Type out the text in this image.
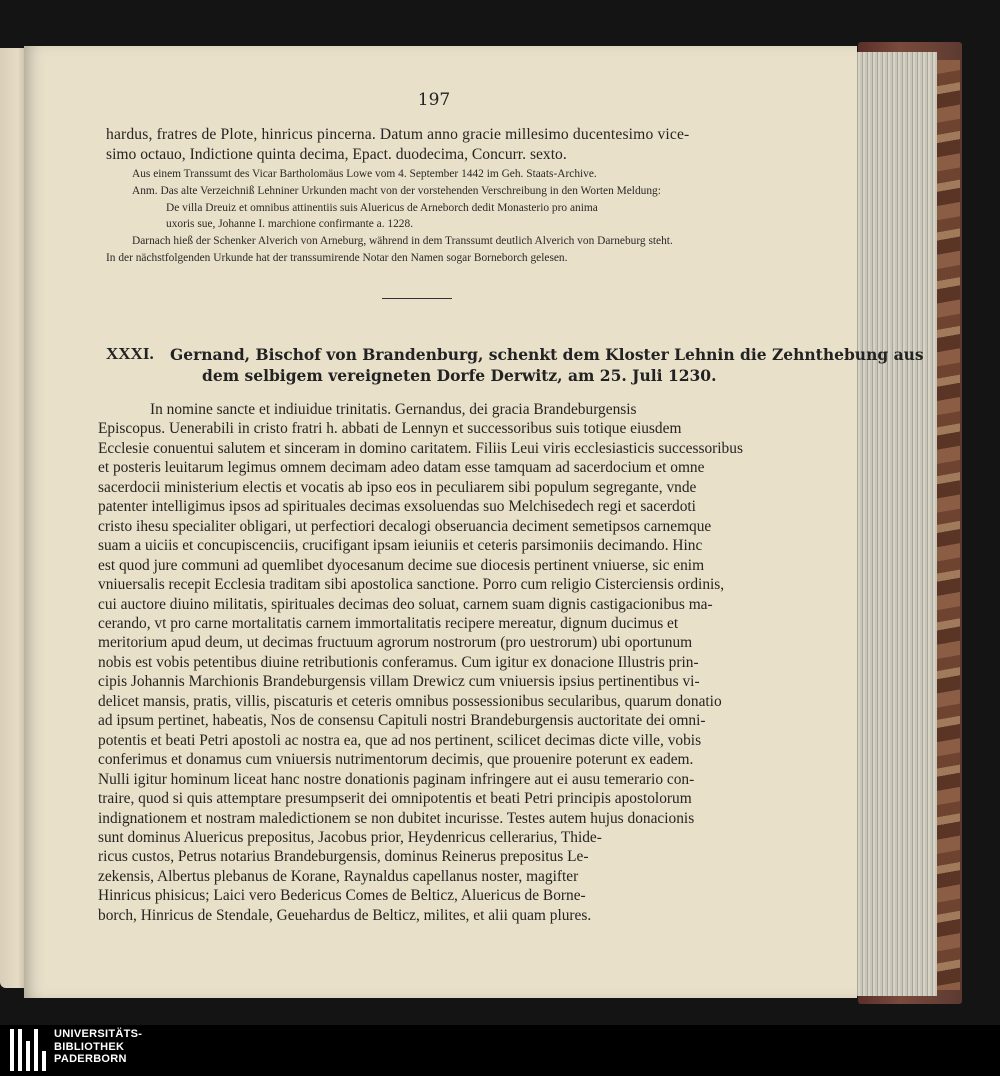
197
hardus, fratres de Plote, hinricus pincerna. Datum anno gracie millesimo ducentesimo vice-
simo octauo, Indictione quinta decima, Epact. duodecima, Concurr. sexto.
Aus einem Transsumt des Vicar Bartholomäus Lowe vom 4. September 1442 im Geh. Staats-Archive.
Anm. Das alte Verzeichniß Lehniner Urkunden macht von der vorstehenden Verschreibung in den Worten Meldung:
De villa Dreuiz et omnibus attinentiis suis Aluericus de Arneborch dedit Monasterio pro anima
uxoris sue, Johanne I. marchione confirmante a. 1228.
Darnach hieß der Schenker Alverich von Arneburg, während in dem Transsumt deutlich Alverich von Darneburg steht.
In der nächstfolgenden Urkunde hat der transsumirende Notar den Namen sogar Borneborch gelesen.
XXXI. Gernand, Bischof von Brandenburg, schenkt dem Kloster Lehnin die Zehnthebung aus
dem selbigem vereigneten Dorfe Derwitz, am 25. Juli 1230.

In nomine sancte et indiuidue trinitatis. Gernandus, dei gracia Brandeburgensis

Episcopus. Uenerabili in cristo fratri h. abbati de Lennyn et successoribus suis totique eiusdem

Ecclesie conuentui salutem et sinceram in domino caritatem. Filiis Leui viris ecclesiasticis successoribus

et posteris leuitarum legimus omnem decimam adeo datam esse tamquam ad sacerdocium et omne

sacerdocii ministerium electis et vocatis ab ipso eos in peculiarem sibi populum segregante, vnde

patenter intelligimus ipsos ad spirituales decimas exsoluendas suo Melchisedech regi et sacerdoti

cristo ihesu specialiter obligari, ut perfectiori decalogi obseruancia deciment semetipsos carnemque

suam a uiciis et concupiscenciis, crucifigant ipsam ieiuniis et ceteris parsimoniis decimando. Hinc

est quod jure communi ad quemlibet dyocesanum decime sue diocesis pertinent vniuerse, sic enim

vniuersalis recepit Ecclesia traditam sibi apostolica sanctione. Porro cum religio Cisterciensis ordinis,

cui auctore diuino militatis, spirituales decimas deo soluat, carnem suam dignis castigacionibus ma-

cerando, vt pro carne mortalitatis carnem immortalitatis recipere mereatur, dignum ducimus et

meritorium apud deum, ut decimas fructuum agrorum nostrorum (pro uestrorum) ubi oportunum

nobis est vobis petentibus diuine retributionis conferamus. Cum igitur ex donacione Illustris prin-

cipis Johannis Marchionis Brandeburgensis villam Drewicz cum vniuersis ipsius pertinentibus vi-

delicet mansis, pratis, villis, piscaturis et ceteris omnibus possessionibus secularibus, quarum donatio

ad ipsum pertinet, habeatis, Nos de consensu Capituli nostri Brandeburgensis auctoritate dei omni-

potentis et beati Petri apostoli ac nostra ea, que ad nos pertinent, scilicet decimas dicte ville, vobis

conferimus et donamus cum vniuersis nutrimentorum decimis, que prouenire poterunt ex eadem.

Nulli igitur hominum liceat hanc nostre donationis paginam infringere aut ei ausu temerario con-

traire, quod si quis attemptare presumpserit dei omnipotentis et beati Petri principis apostolorum

indignationem et nostram maledictionem se non dubitet incurisse. Testes autem hujus donacionis

sunt dominus Aluericus prepositus, Jacobus prior, Heydenricus cellerarius, Thide-

ricus custos, Petrus notarius Brandeburgensis, dominus Reinerus prepositus Le-

zekensis, Albertus plebanus de Korane, Raynaldus capellanus noster, magifter

Hinricus phisicus; Laici vero Bedericus Comes de Belticz, Aluericus de Borne-

borch, Hinricus de Stendale, Geuehardus de Belticz, milites, et alii quam plures.

UNIVERSITÄTS-
BIBLIOTHEK
PADERBORN
